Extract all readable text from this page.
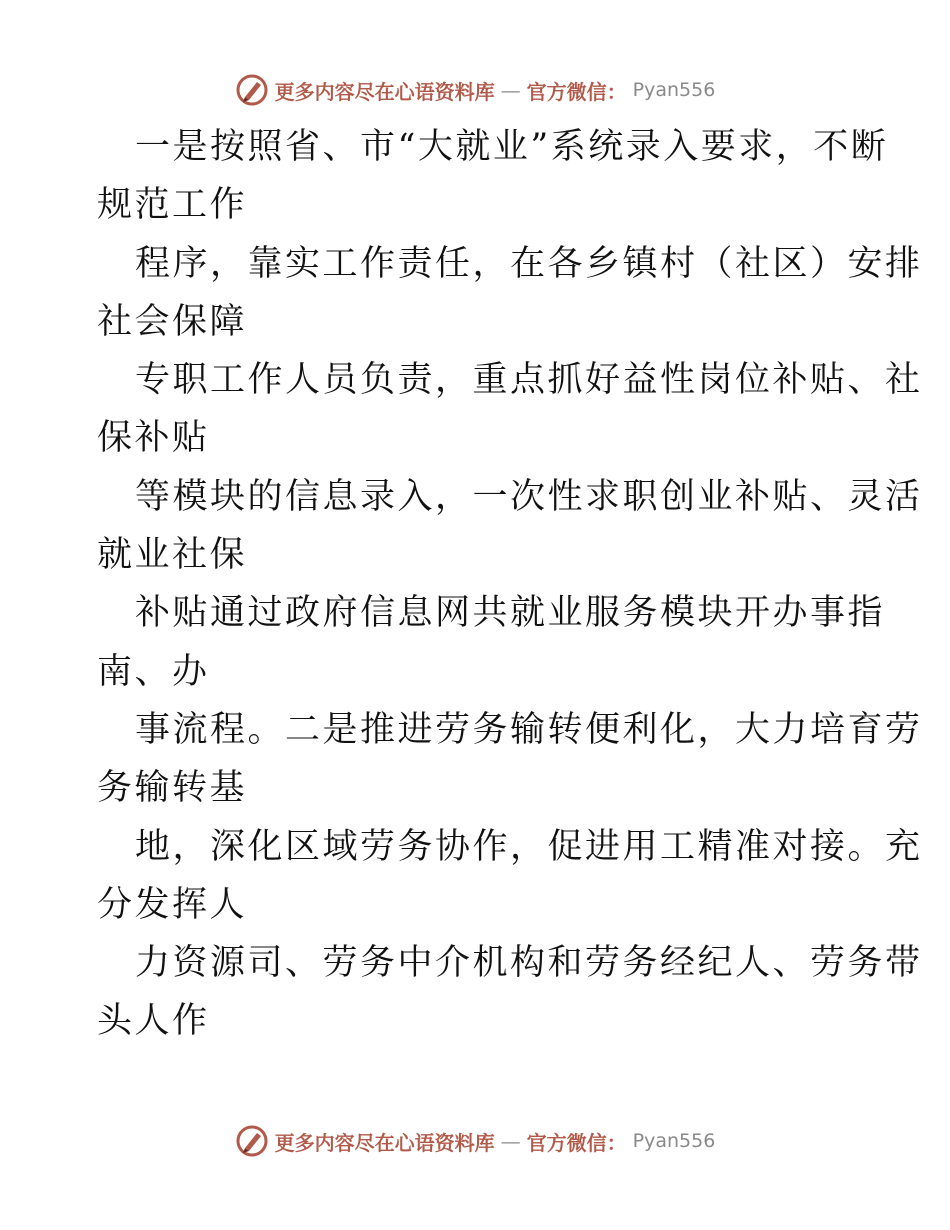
更多内容尽在心语资料库 — 官方微信： Pyan556
一是按照省、市“大就业”系统录入要求，不断
规范工作
程序，靠实工作责任，在各乡镇村（社区）安排
社会保障
专职工作人员负责，重点抓好益性岗位补贴、社
保补贴
等模块的信息录入，一次性求职创业补贴、灵活
就业社保
补贴通过政府信息网共就业服务模块开办事指
南、办
事流程。二是推进劳务输转便利化，大力培育劳
务输转基
地，深化区域劳务协作，促进用工精准对接。充
分发挥人
力资源司、劳务中介机构和劳务经纪人、劳务带
头人作
更多内容尽在心语资料库 — 官方微信： Pyan556
